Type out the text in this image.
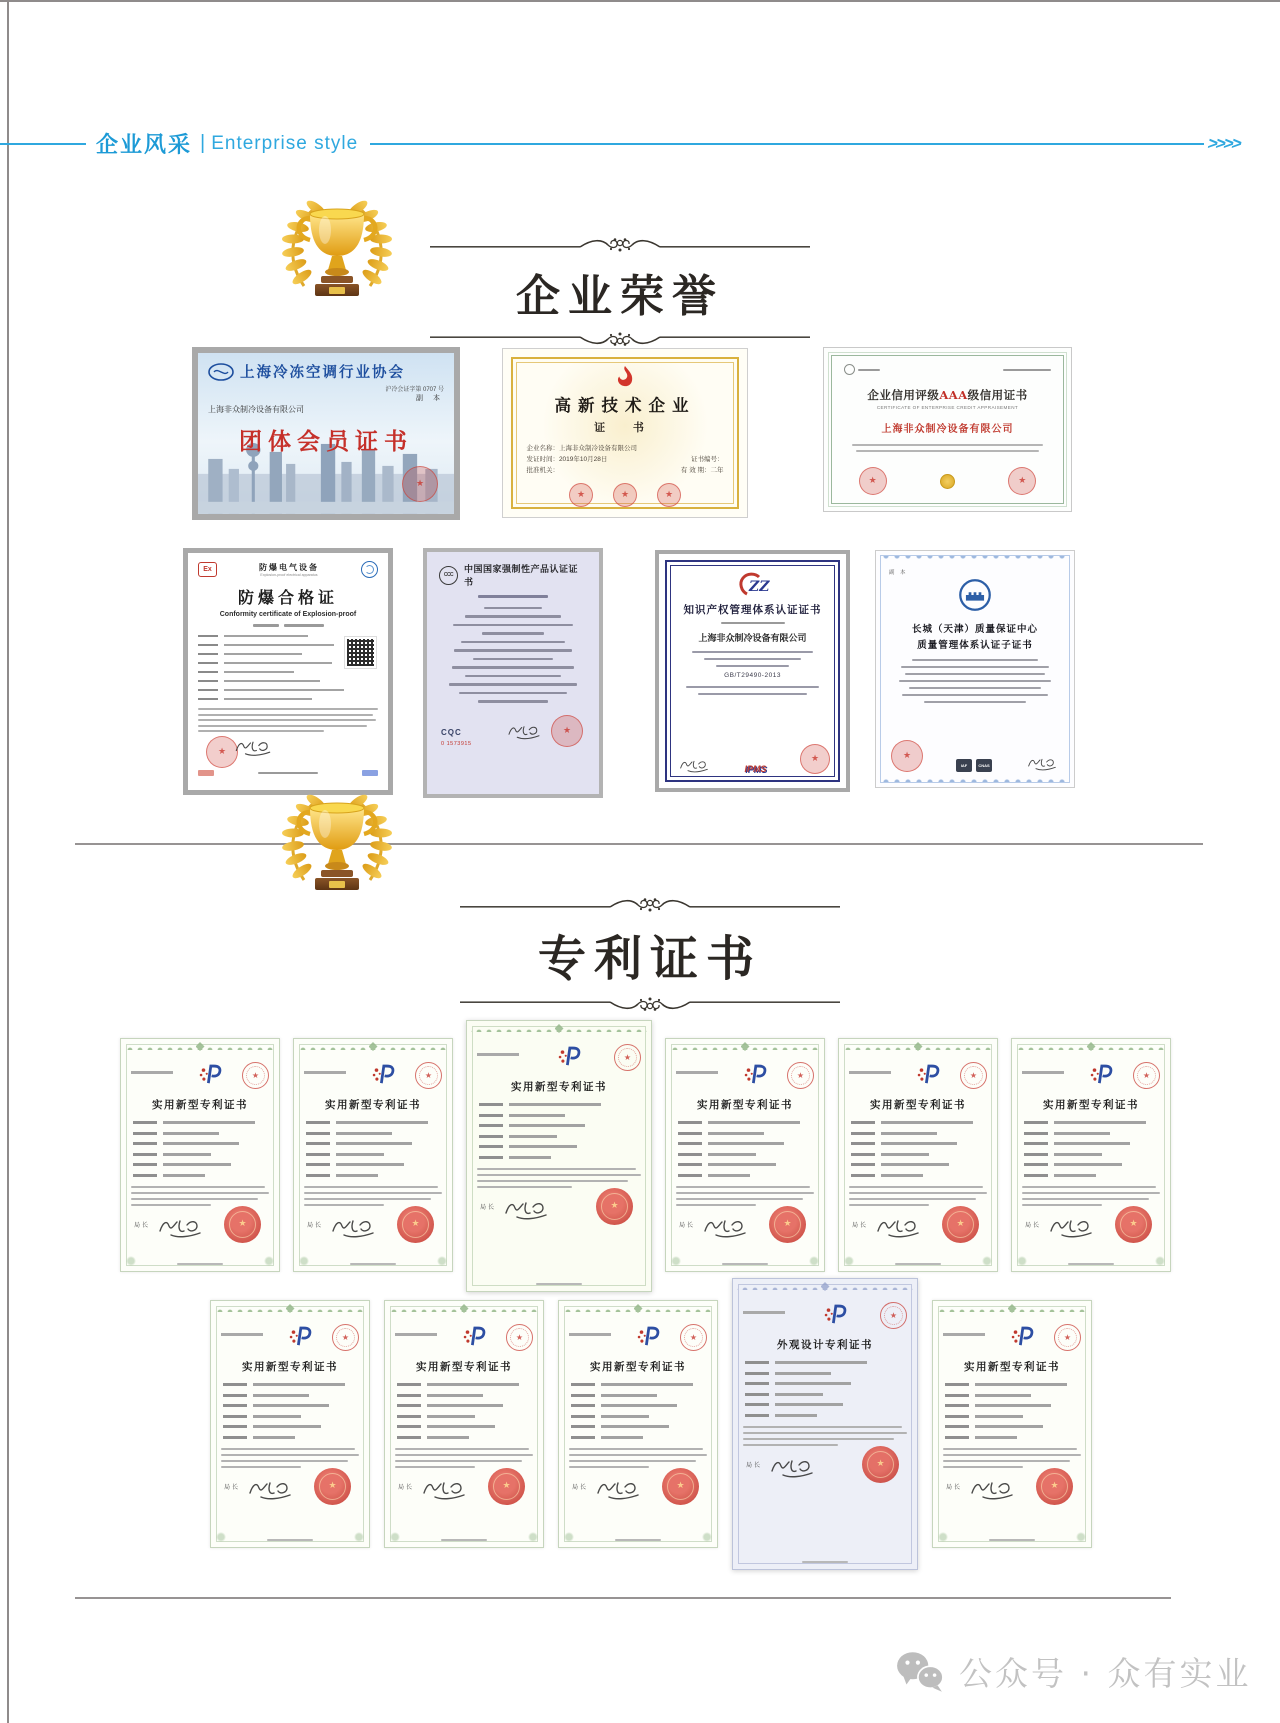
企业风采 | Enterprise style	>>>>
企业荣誉
上海冷冻空调行业协会
沪冷会证字第 0707 号
副 本
上海非众制冷设备有限公司
团体会员证书
★
高新技术企业
证 书
企业名称：上海非众制冷设备有限公司
发证时间：2019年10月28日	证书编号：
批准机关：	有 效 期：二年
★
★
★
企业信用评级AAA级信用证书
CERTIFICATE OF ENTERPRISE CREDIT APPRAISEMENT
上海非众制冷设备有限公司
★
★
Ex	防爆电气设备
Explosion-proof electrical apparatus
防爆合格证
Conformity certificate of Explosion-proof
★
CCC
中国国家强制性产品认证证书
CQC
0 1573915
★
ZZ
知识产权管理体系认证证书
上海非众制冷设备有限公司
GB/T29490-2013
IPMS
★
副 本
长城（天津）质量保证中心
质量管理体系认证子证书
★
IAF	CNAS
专利证书
★
实用新型专利证书
局长
★
★
实用新型专利证书
局长
★
★
实用新型专利证书
局长
★
★
实用新型专利证书
局长
★
★
实用新型专利证书
局长
★
★
实用新型专利证书
局长
★
★
实用新型专利证书
局长
★
★
实用新型专利证书
局长
★
★
实用新型专利证书
局长
★
★
外观设计专利证书
局长
★
★
实用新型专利证书
局长
★
公众号 · 众有实业
